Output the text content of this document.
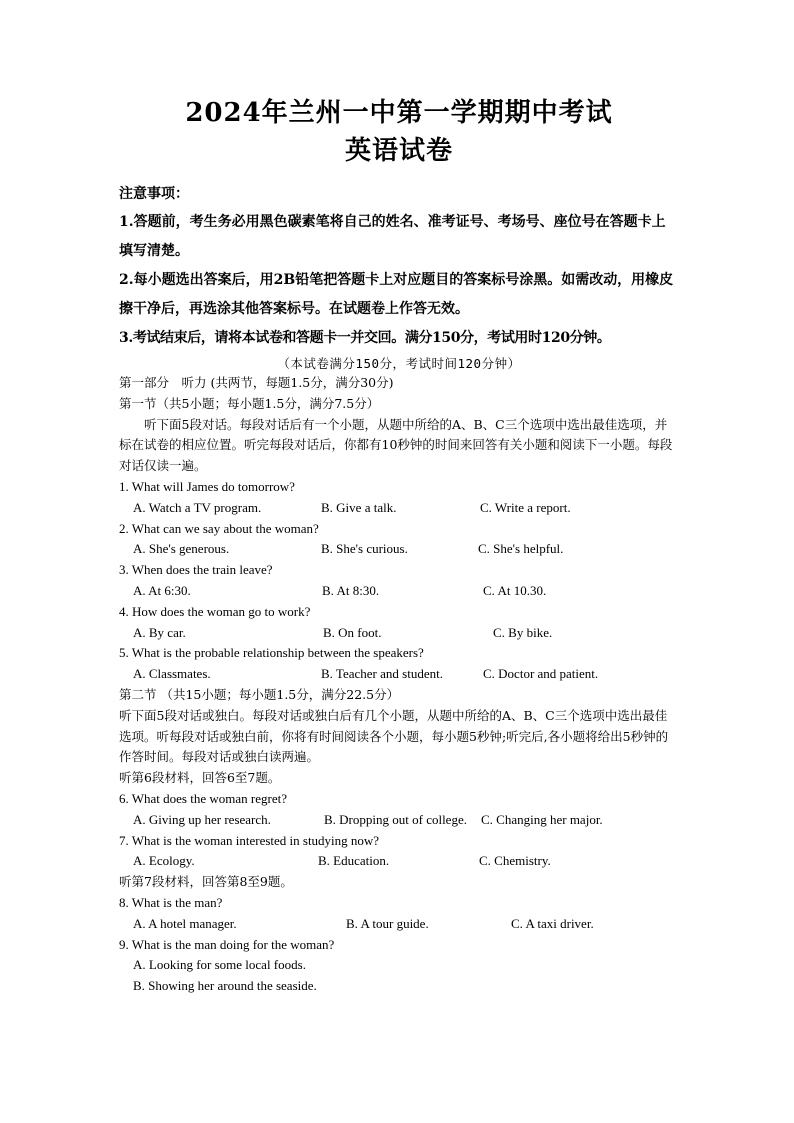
2024年兰州一中第一学期期中考试
英语试卷
注意事项：

1.答题前，考生务必用黑色碳素笔将自己的姓名、准考证号、考场号、座位号在答题卡上填写清楚。

2.每小题选出答案后，用2B铅笔把答题卡上对应题目的答案标号涂黑。如需改动，用橡皮擦干净后，再选涂其他答案标号。在试题卷上作答无效。

3.考试结束后，请将本试卷和答题卡一并交回。满分150分，考试用时120分钟。

（本试卷满分150分，考试时间120分钟）

第一部分　听力 (共两节，每题1.5分，满分30分)

第一节（共5小题；每小题1.5分，满分7.5分）

听下面5段对话。每段对话后有一个小题，从题中所给的A、B、C三个选项中选出最佳选项，并标在试卷的相应位置。听完每段对话后，你都有10秒钟的时间来回答有关小题和阅读下一小题。每段对话仅读一遍。

1. What will James do tomorrow?

A. Watch a TV program.	B. Give a talk.	C. Write a report.

2. What can we say about the woman?

A. She's generous.	B. She's curious.	C. She's helpful.

3. When does the train leave?

A. At 6:30.	B. At 8:30.	C. At 10.30.

4. How does the woman go to work?

A. By car.	B. On foot.	C. By bike.

5. What is the probable relationship between the speakers?

A. Classmates.	B. Teacher and student.	C. Doctor and patient.

第二节 （共15小题；每小题1.5分，满分22.5分）

听下面5段对话或独白。每段对话或独白后有几个小题，从题中所给的A、B、C三个选项中选出最佳选项。听每段对话或独白前，你将有时间阅读各个小题，每小题5秒钟;听完后,各小题将给出5秒钟的作答时间。每段对话或独白读两遍。

听第6段材料，回答6至7题。

6. What does the woman regret?

A. Giving up her research.	B. Dropping out of college.	C. Changing her major.

7. What is the woman interested in studying now?

A. Ecology.	B. Education.	C. Chemistry.

听第7段材料，回答第8至9题。

8. What is the man?

A. A hotel manager.	B. A tour guide.	C. A taxi driver.

9. What is the man doing for the woman?

A. Looking for some local foods.

B. Showing her around the seaside.
